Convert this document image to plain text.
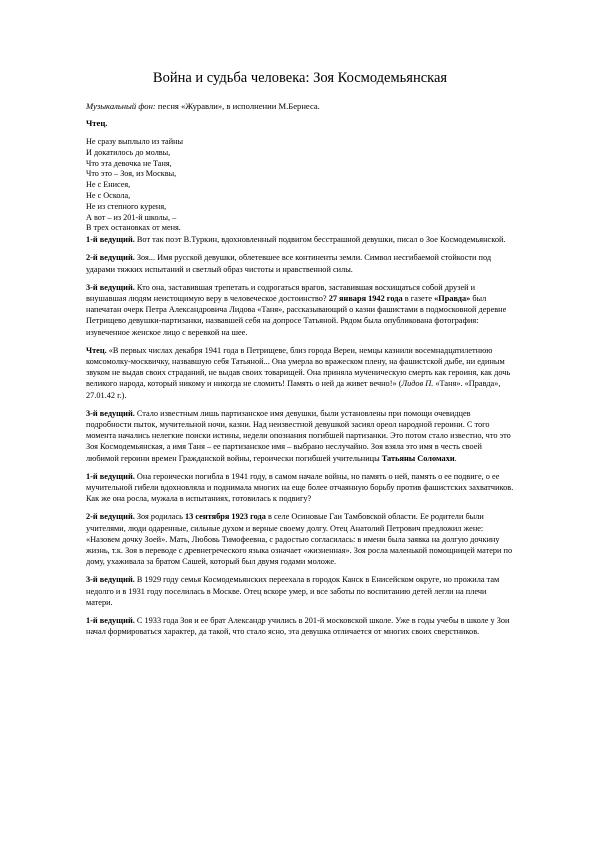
Война и судьба человека: Зоя Космодемьянская
Музыкальный фон: песня «Журавли», в исполнении М.Бернеса.
Чтец.
Не сразу выплыло из тайны
И докатилось до молвы,
Что эта девочка не Таня,
Что это – Зоя, из Москвы,
Не с Енисея,
Не с Оскола,
Не из степного куреня,
А вот – из 201-й школы, –
В трех остановках от меня.
1-й ведущий. Вот так поэт В.Туркин, вдохновленный подвигом бесстрашной девушки, писал о Зое Космодемьянской.
2-й ведущий. Зоя... Имя русской девушки, облетевшее все континенты земли. Символ несгибаемой стойкости под ударами тяжких испытаний и светлый образ чистоты и нравственной силы.
3-й ведущий. Кто она, заставившая трепетать и содрогаться врагов, заставившая восхищаться собой друзей и внушавшая людям неистощимую веру в человеческое достоинство? 27 января 1942 года в газете «Правда» был напечатан очерк Петра Александровича Лидова «Таня», рассказывающий о казни фашистами в подмосковной деревне Петрищево девушки-партизанки, назвавшей себя на допросе Татьяной. Рядом была опубликована фотография: изувеченное женское лицо с веревкой на шее.
Чтец. «В первых числах декабря 1941 года в Петрищеве, близ города Вереи, немцы казнили восемнадцатилетнюю комсомолку-москвичку, назвавшую себя Татьяной... Она умерла во вражеском плену, на фашистской дыбе, ни единым звуком не выдав своих страданий, не выдав своих товарищей. Она приняла мученическую смерть как героиня, как дочь великого народа, который никому и никогда не сломить! Память о ней да живет вечно!» (Лидов П. «Таня». «Правда», 27.01.42 г.).
3-й ведущий. Стало известным лишь партизанское имя девушки, были установлены при помощи очевидцев подробности пыток, мучительной ночи, казни. Над неизвестной девушкой засиял ореол народной героини. С того момента начались нелегкие поиски истины, недели опознания погибшей партизанки. Это потом стало известно, что это Зоя Космодемьянская, а имя Таня – ее партизанское имя – выбрано неслучайно. Зоя взяла это имя в честь своей любимой героини времен Гражданской войны, героически погибшей учительницы Татьяны Соломахи.
1-й ведущий. Она героически погибла в 1941 году, в самом начале войны, но память о ней, память о ее подвиге, о ее мучительной гибели вдохновляла и поднимала многих на еще более отчаянную борьбу против фашистских захватчиков. Как же она росла, мужала в испытаниях, готовилась к подвигу?
2-й ведущий. Зоя родилась 13 сентября 1923 года в селе Осиновые Гаи Тамбовской области. Ее родители были учителями, люди одаренные, сильные духом и верные своему долгу. Отец Анатолий Петрович предложил жене: «Назовем дочку Зоей». Мать, Любовь Тимофеевна, с радостью согласилась: в имени была заявка на долгую дочкину жизнь, т.к. Зоя в переводе с древнегреческого языка означает «жизненная». Зоя росла маленькой помощницей матери по дому, ухаживала за братом Сашей, который был двумя годами моложе.
3-й ведущий. В 1929 году семья Космодемьянских переехала в городок Канск в Енисейском округе, но прожила там недолго и в 1931 году поселилась в Москве. Отец вскоре умер, и все заботы по воспитанию детей легли на плечи матери.
1-й ведущий. С 1933 года Зоя и ее брат Александр учились в 201-й московской школе. Уже в годы учебы в школе у Зои начал формироваться характер, да такой, что стало ясно, эта девушка отличается от многих своих сверстников.
